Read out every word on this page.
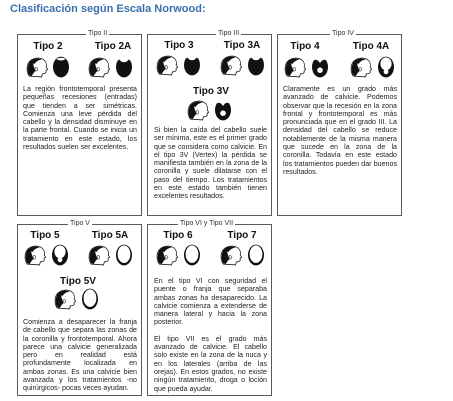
Clasificación según Escala Norwood:
Tipo II
Tipo 2	Tipo 2A
La región frontotemporal presenta pequeñas recesiones (entradas) que tienden a ser simétricas. Comienza una leve pérdida del cabello y la densidad disminuye en la parte frontal. Cuando se inicia un tratamiento en este estado, los resultados suelen ser excelentes.
Tipo III
Tipo 3	Tipo 3A
Tipo 3V
Si bien la caída del cabello suele ser mínima, este es el primer grado que se considera como calvicie. En el tipo 3V (Vertex) la pérdida se manifiesta también en la zona de la coronilla y suele dilatarse con el paso del tiempo. Los tratamientos en este estado también tienen excelentes resultados.
Tipo IV
Tipo 4	Tipo 4A
Claramente es un grado más avanzado de calvicie. Podemos observar que la recesión en la zona frontal y frontotemporal es más pronunciada que en el grado III. La densidad del cabello se reduce notablemente de la misma manera que sucede en la zona de la coronilla. Todavía en este estado los tratamientos pueden dar buenos resultados.
Tipo V
Tipo 5	Tipo 5A
Tipo 5V
Comienza a desaparecer la franja de cabello que separa las zonas de la coronilla y frontotemporal. Ahora parece una calvicie generalizada pero en realidad está profundamente localizada en ambas zonas. Es una calvicie bien avanzada y los tratamientos -no quirúrgicos- pocas veces ayudan.
Tipo VI y Tipo VII
Tipo 6	Tipo 7

En el tipo VI con seguridad el puente o franja que separaba ambas zonas ha desaparecido. La calvicie comienza a extenderse de manera lateral y hacia la zona posterior.

El tipo VII es el grado más avanzado de calvicie. El cabello solo existe en la zona de la nuca y en los laterales (arriba de las orejas). En estos grados, no existe ningún tratamiento, droga o loción que pueda ayudar.
